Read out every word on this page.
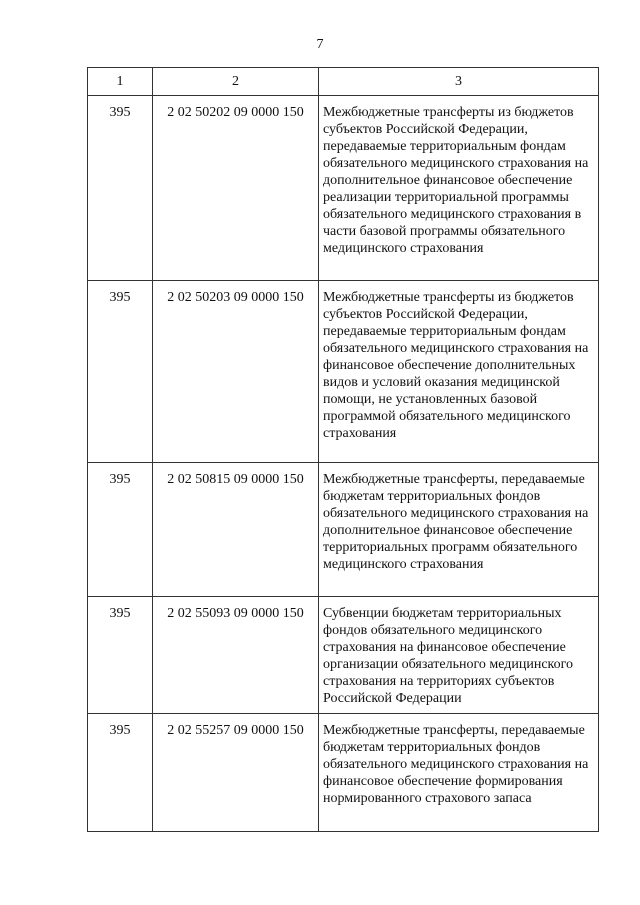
7
1	2	3
395	2 02 50202 09 0000 150	Межбюджетные трансферты из бюджетов субъектов Российской Федерации, передаваемые территориальным фондам обязательного медицинского страхования на дополнительное финансовое обеспечение реализации территориальной программы обязательного медицинского страхования в части базовой программы обязательного медицинского страхования
395	2 02 50203 09 0000 150	Межбюджетные трансферты из бюджетов субъектов Российской Федерации, передаваемые территориальным фондам обязательного медицинского страхования на финансовое обеспечение дополнительных видов и условий оказания медицинской помощи, не установленных базовой программой обязательного медицинского страхования
395	2 02 50815 09 0000 150	Межбюджетные трансферты, передаваемые бюджетам территориальных фондов обязательного медицинского страхования на дополнительное финансовое обеспечение территориальных программ обязательного медицинского страхования
395	2 02 55093 09 0000 150	Субвенции бюджетам территориальных фондов обязательного медицинского страхования на финансовое обеспечение организации обязательного медицинского страхования на территориях субъектов Российской Федерации
395	2 02 55257 09 0000 150	Межбюджетные трансферты, передаваемые бюджетам территориальных фондов обязательного медицинского страхования на финансовое обеспечение формирования нормированного страхового запаса
